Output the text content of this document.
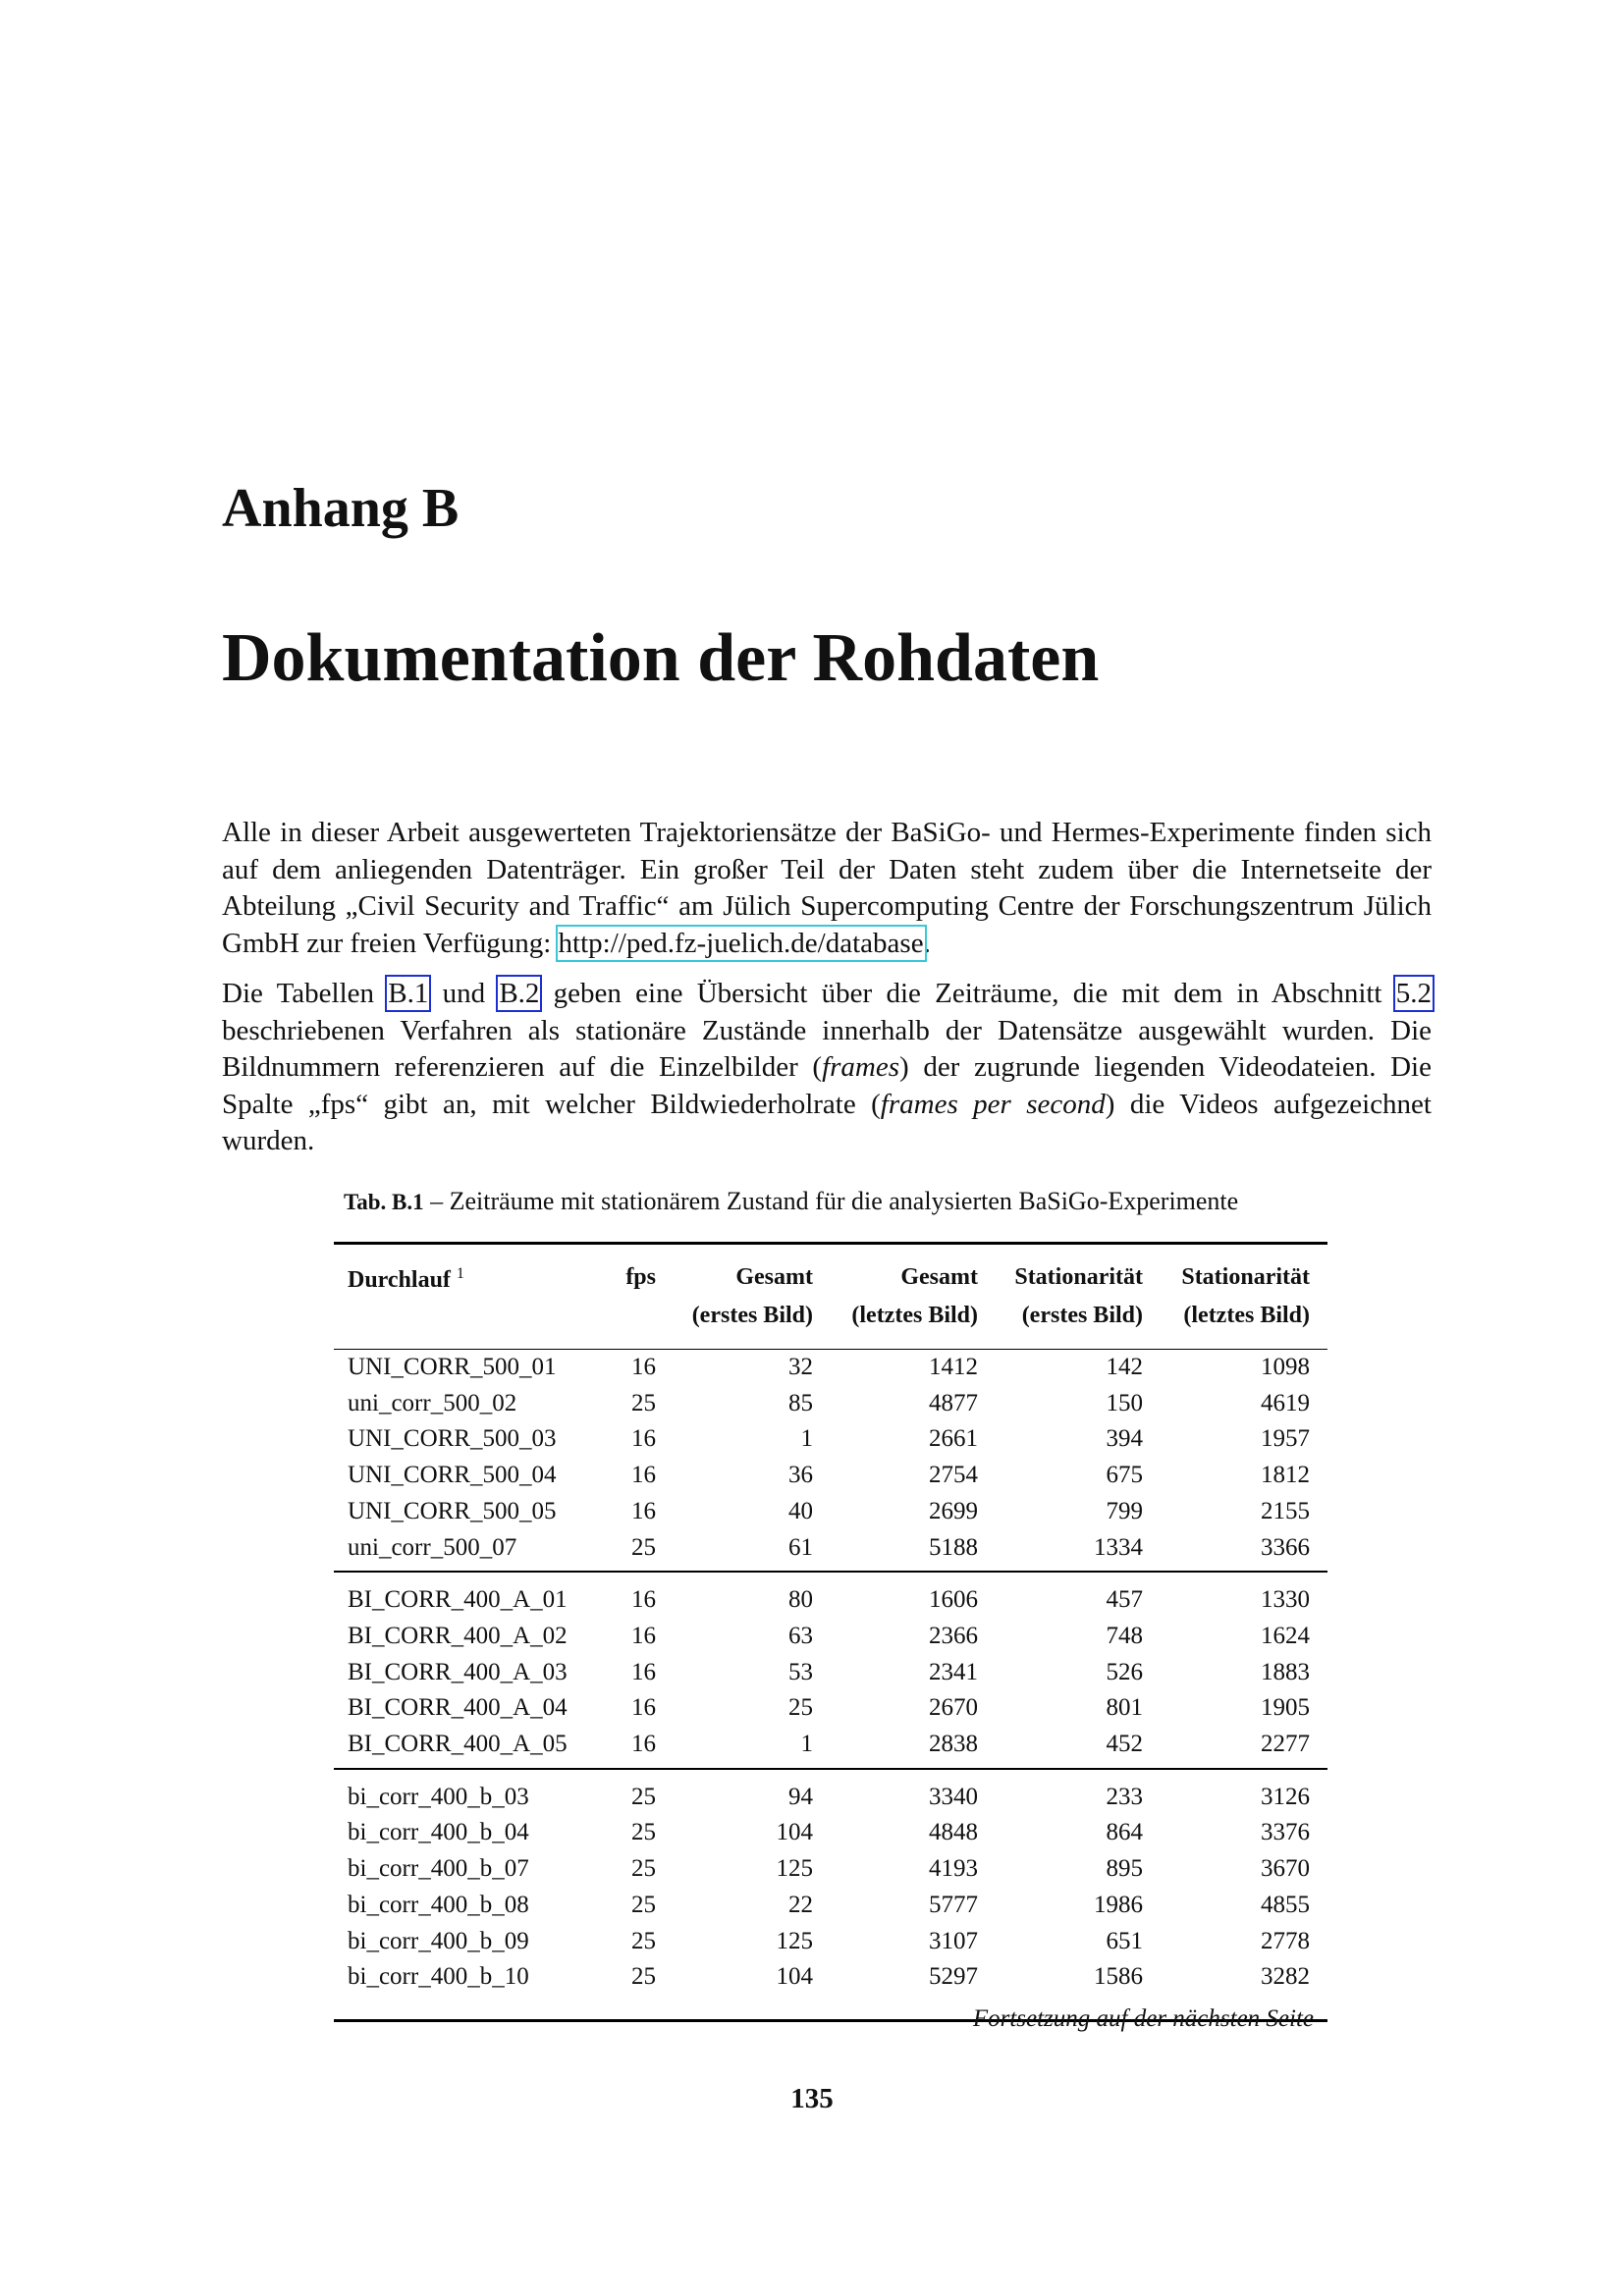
Anhang B
Dokumentation der Rohdaten

Alle in dieser Arbeit ausgewerteten Trajektoriensätze der BaSiGo- und Hermes-Experimente finden sich auf dem anliegenden Datenträger. Ein großer Teil der Daten steht zudem über die Internetseite der Abteilung „Civil Security and Traffic“ am Jülich Supercomputing Centre der Forschungszentrum Jülich GmbH zur freien Verfügung: http://ped.fz-juelich.de/database.

Die Tabellen B.1 und B.2 geben eine Übersicht über die Zeiträume, die mit dem in Abschnitt 5.2 beschriebenen Verfahren als stationäre Zustände innerhalb der Datensätze ausgewählt wurden. Die Bildnummern referenzieren auf die Einzelbilder (frames) der zugrunde liegenden Videodateien. Die Spalte „fps“ gibt an, mit welcher Bildwiederholrate (frames per second) die Videos aufgezeichnet wurden.

Tab. B.1 – Zeiträume mit stationärem Zustand für die analysierten BaSiGo-Experimente
Durchlauf $^1$	fps	Gesamt	Gesamt	Stationarität	Stationarität
		(erstes Bild)	(letztes Bild)	(erstes Bild)	(letztes Bild)
UNI_CORR_500_01	16	32	1412	142	1098
uni_corr_500_02	25	85	4877	150	4619
UNI_CORR_500_03	16	1	2661	394	1957
UNI_CORR_500_04	16	36	2754	675	1812
UNI_CORR_500_05	16	40	2699	799	2155
uni_corr_500_07	25	61	5188	1334	3366
BI_CORR_400_A_01	16	80	1606	457	1330
BI_CORR_400_A_02	16	63	2366	748	1624
BI_CORR_400_A_03	16	53	2341	526	1883
BI_CORR_400_A_04	16	25	2670	801	1905
BI_CORR_400_A_05	16	1	2838	452	2277
bi_corr_400_b_03	25	94	3340	233	3126
bi_corr_400_b_04	25	104	4848	864	3376
bi_corr_400_b_07	25	125	4193	895	3670
bi_corr_400_b_08	25	22	5777	1986	4855
bi_corr_400_b_09	25	125	3107	651	2778
bi_corr_400_b_10	25	104	5297	1586	3282
Fortsetzung auf der nächsten Seite
135
